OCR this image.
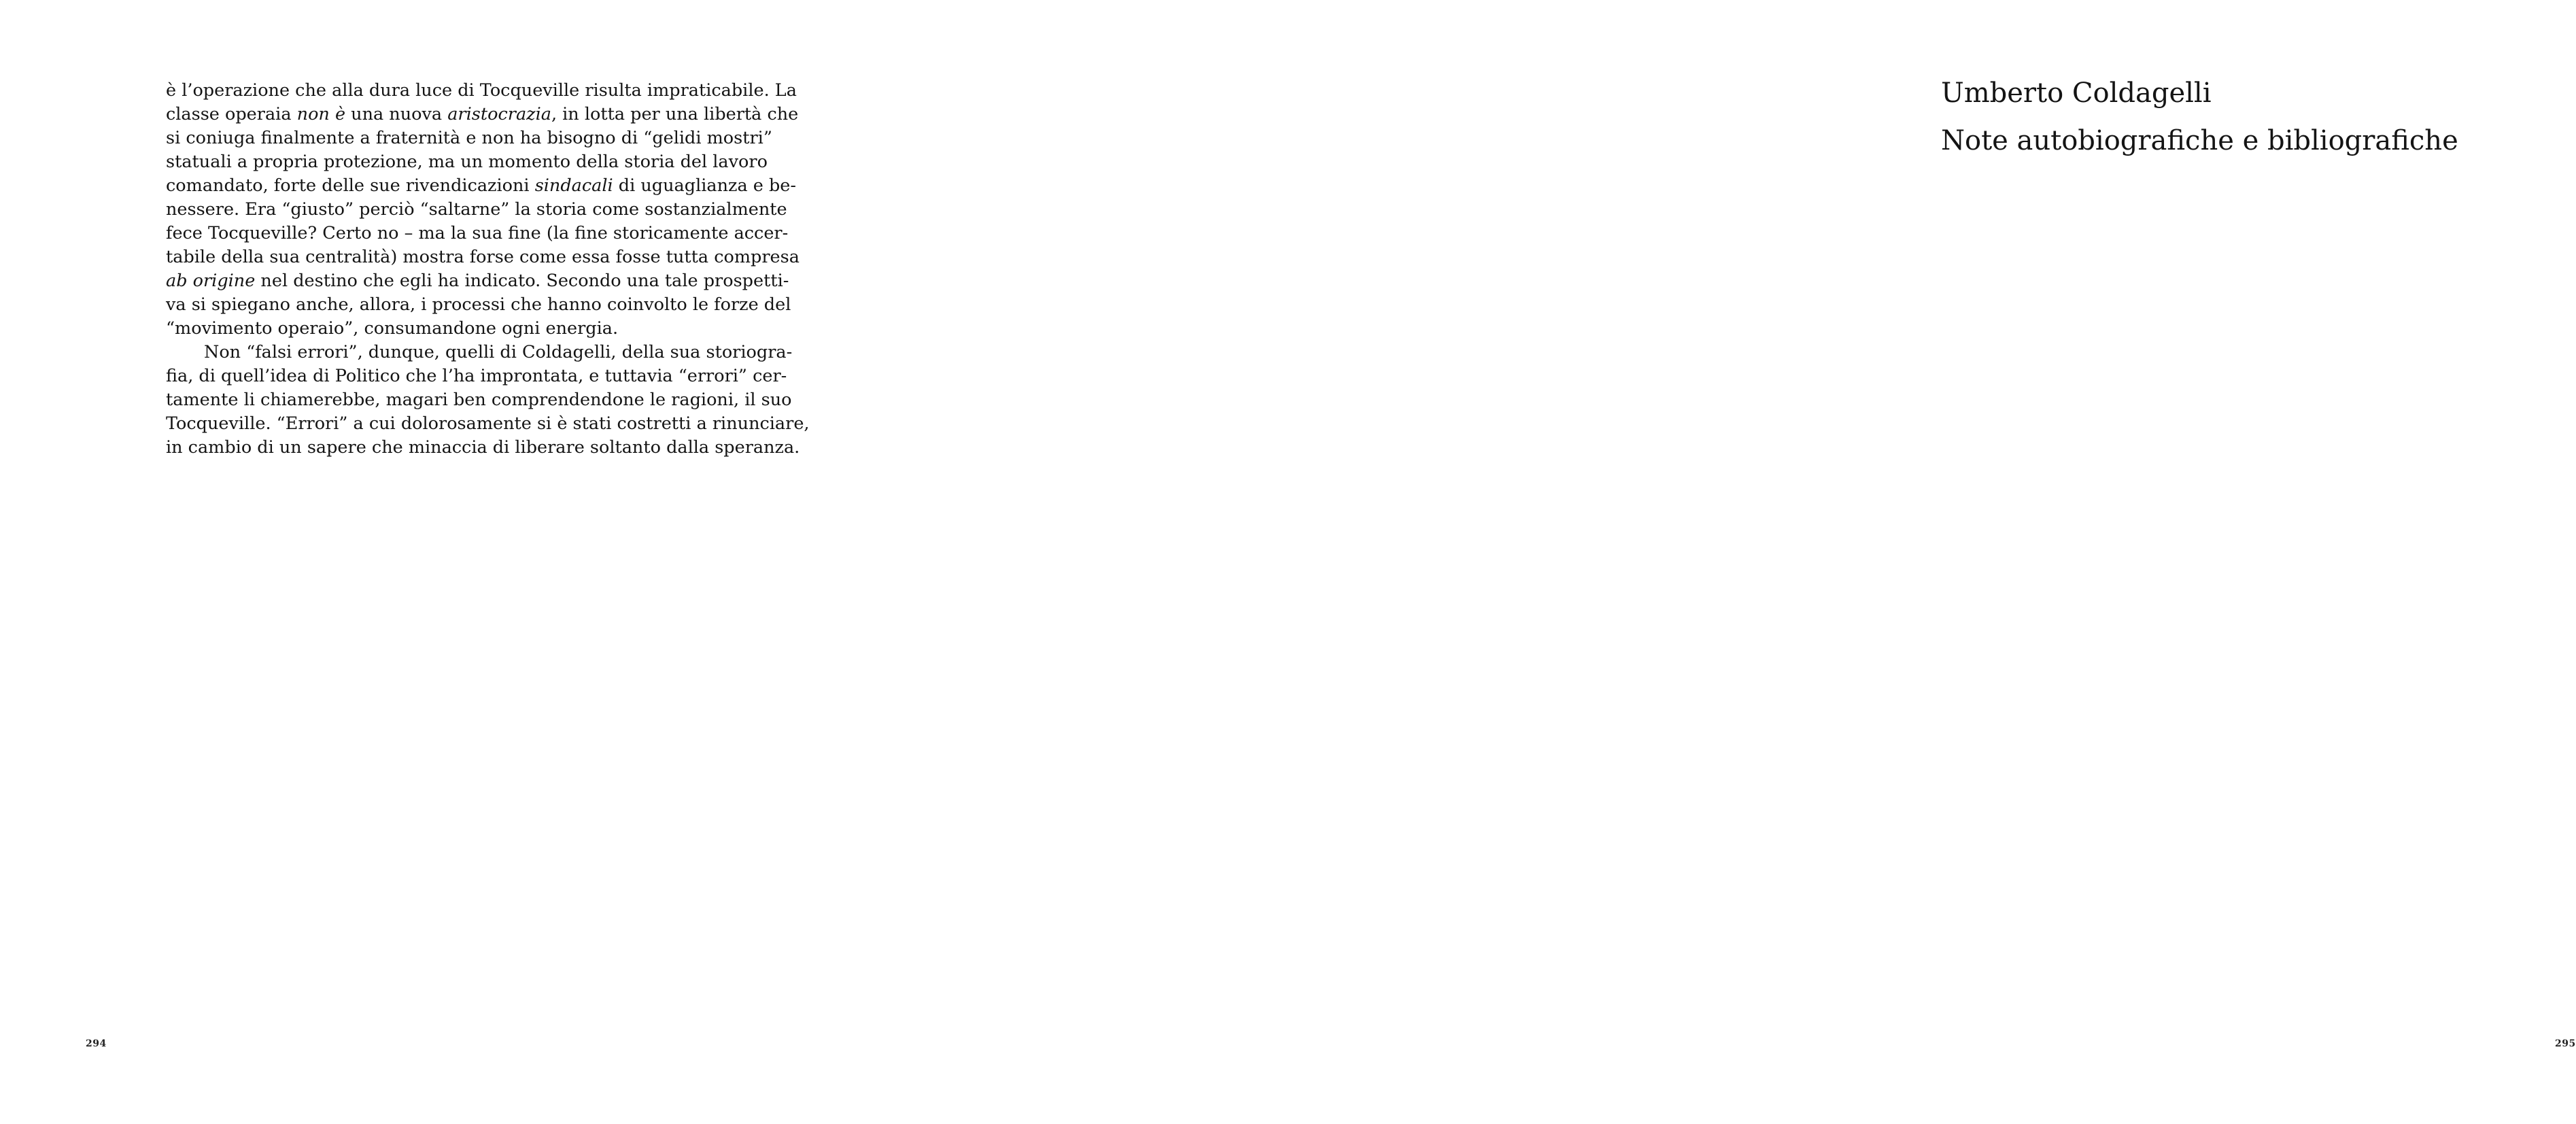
è l’operazione che alla dura luce di Tocqueville risulta impraticabile. La
classe operaia non è una nuova aristocrazia, in lotta per una libertà che
si coniuga finalmente a fraternità e non ha bisogno di “gelidi mostri”
statuali a propria protezione, ma un momento della storia del lavoro
comandato, forte delle sue rivendicazioni sindacali di uguaglianza e be-
nessere. Era “giusto” perciò “saltarne” la storia come sostanzialmente
fece Tocqueville? Certo no – ma la sua fine (la fine storicamente accer-
tabile della sua centralità) mostra forse come essa fosse tutta compresa
ab origine nel destino che egli ha indicato. Secondo una tale prospetti-
va si spiegano anche, allora, i processi che hanno coinvolto le forze del
“movimento operaio”, consumandone ogni energia.
Non “falsi errori”, dunque, quelli di Coldagelli, della sua storiogra-
fia, di quell’idea di Politico che l’ha improntata, e tuttavia “errori” cer-
tamente li chiamerebbe, magari ben comprendendone le ragioni, il suo
Tocqueville. “Errori” a cui dolorosamente si è stati costretti a rinunciare,
in cambio di un sapere che minaccia di liberare soltanto dalla speranza.
294
Umberto Coldagelli
Note autobiografiche e bibliografiche
295
